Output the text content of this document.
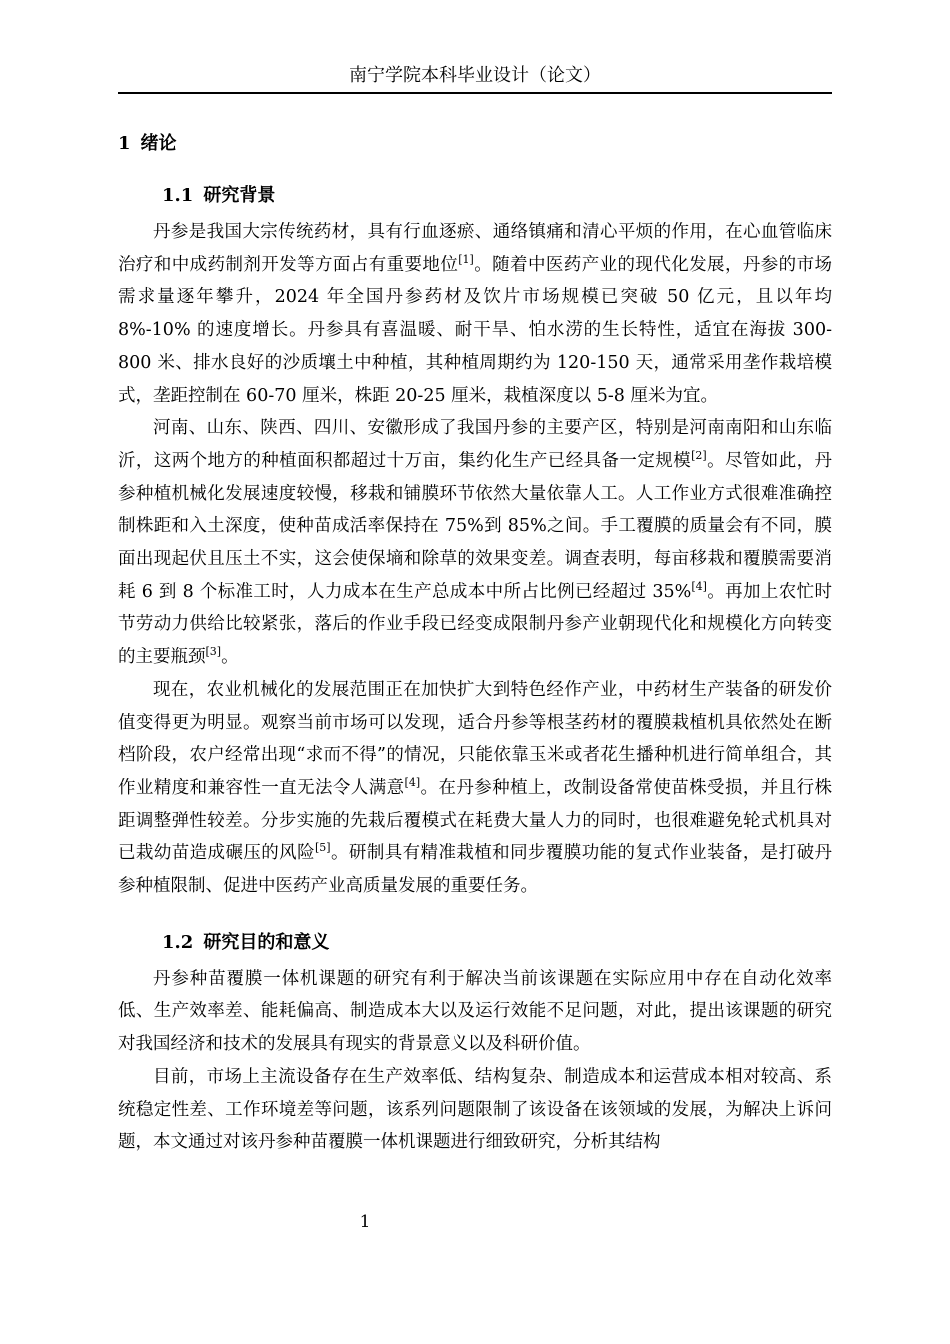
南宁学院本科毕业设计（论文）
1 绪论
1.1 研究背景

丹参是我国大宗传统药材，具有行血逐瘀、通络镇痛和清心平烦的作用，在心血管临床治疗和中成药制剂开发等方面占有重要地位[1]。随着中医药产业的现代化发展，丹参的市场需求量逐年攀升，2024 年全国丹参药材及饮片市场规模已突破 50 亿元，且以年均 8%-10% 的速度增长。丹参具有喜温暖、耐干旱、怕水涝的生长特性，适宜在海拔 300-800 米、排水良好的沙质壤土中种植，其种植周期约为 120-150 天，通常采用垄作栽培模式，垄距控制在 60-70 厘米，株距 20-25 厘米，栽植深度以 5-8 厘米为宜。

河南、山东、陕西、四川、安徽形成了我国丹参的主要产区，特别是河南南阳和山东临沂，这两个地方的种植面积都超过十万亩，集约化生产已经具备一定规模[2]。尽管如此，丹参种植机械化发展速度较慢，移栽和铺膜环节依然大量依靠人工。人工作业方式很难准确控制株距和入土深度，使种苗成活率保持在 75%到 85%之间。手工覆膜的质量会有不同，膜面出现起伏且压土不实，这会使保墒和除草的效果变差。调查表明，每亩移栽和覆膜需要消耗 6 到 8 个标准工时，人力成本在生产总成本中所占比例已经超过 35%[4]。再加上农忙时节劳动力供给比较紧张，落后的作业手段已经变成限制丹参产业朝现代化和规模化方向转变的主要瓶颈[3]。

现在，农业机械化的发展范围正在加快扩大到特色经作产业，中药材生产装备的研发价值变得更为明显。观察当前市场可以发现，适合丹参等根茎药材的覆膜栽植机具依然处在断档阶段，农户经常出现“求而不得”的情况，只能依靠玉米或者花生播种机进行简单组合，其作业精度和兼容性一直无法令人满意[4]。在丹参种植上，改制设备常使苗株受损，并且行株距调整弹性较差。分步实施的先栽后覆模式在耗费大量人力的同时，也很难避免轮式机具对已栽幼苗造成碾压的风险[5]。研制具有精准栽植和同步覆膜功能的复式作业装备，是打破丹参种植限制、促进中医药产业高质量发展的重要任务。

1.2 研究目的和意义

丹参种苗覆膜一体机课题的研究有利于解决当前该课题在实际应用中存在自动化效率低、生产效率差、能耗偏高、制造成本大以及运行效能不足问题，对此，提出该课题的研究对我国经济和技术的发展具有现实的背景意义以及科研价值。

目前，市场上主流设备存在生产效率低、结构复杂、制造成本和运营成本相对较高、系统稳定性差、工作环境差等问题，该系列问题限制了该设备在该领域的发展，为解决上诉问题，本文通过对该丹参种苗覆膜一体机课题进行细致研究，分析其结构

1
